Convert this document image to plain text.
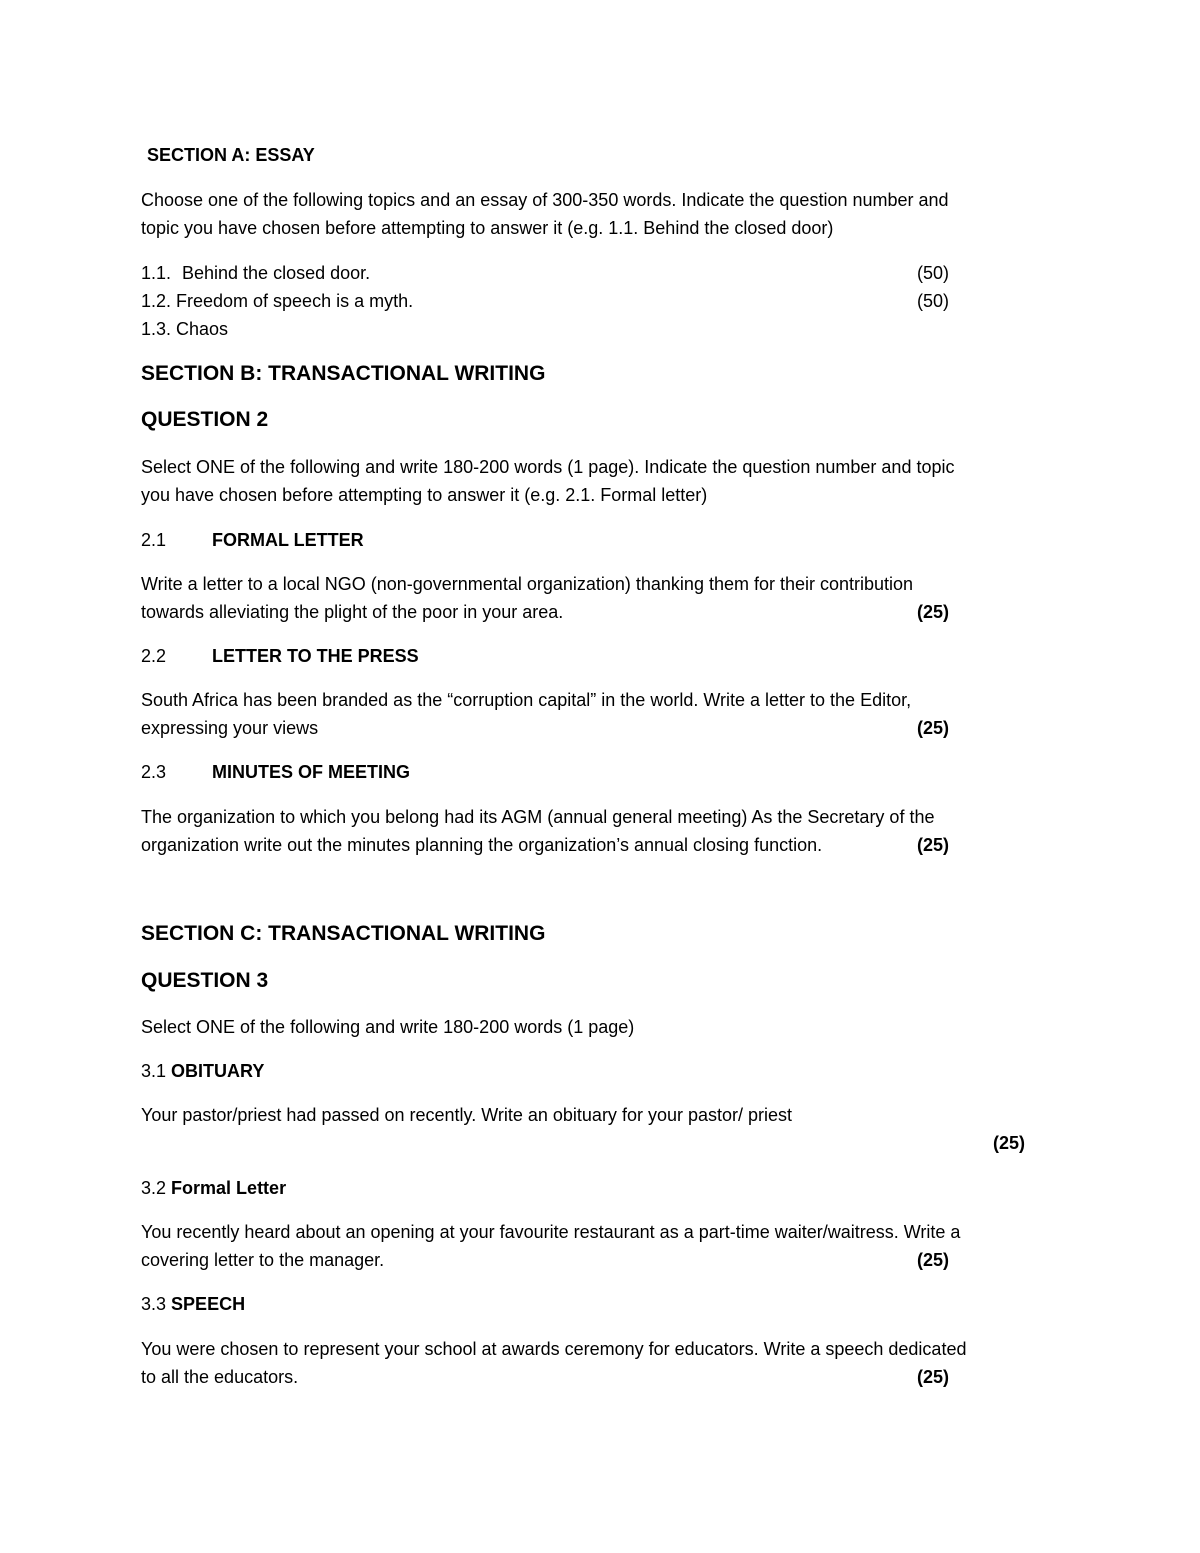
SECTION A: ESSAY
Choose one of the following topics and an essay of 300-350 words. Indicate the question number and
topic you have chosen before attempting to answer it (e.g. 1.1. Behind the closed door)
1.1. Behind the closed door.	(50)
1.2. Freedom of speech is a myth.	(50)
1.3. Chaos
SECTION B: TRANSACTIONAL WRITING
QUESTION 2
Select ONE of the following and write 180-200 words (1 page). Indicate the question number and topic
you have chosen before attempting to answer it (e.g. 2.1. Formal letter)
2.1	FORMAL LETTER
Write a letter to a local NGO (non-governmental organization) thanking them for their contribution
towards alleviating the plight of the poor in your area.	(25)
2.2	LETTER TO THE PRESS
South Africa has been branded as the “corruption capital” in the world. Write a letter to the Editor,
expressing your views	(25)
2.3	MINUTES OF MEETING
The organization to which you belong had its AGM (annual general meeting) As the Secretary of the
organization write out the minutes planning the organization’s annual closing function.	(25)
SECTION C: TRANSACTIONAL WRITING
QUESTION 3
Select ONE of the following and write 180-200 words (1 page)
3.1 OBITUARY
Your pastor/priest had passed on recently. Write an obituary for your pastor/ priest
(25)
3.2 Formal Letter
You recently heard about an opening at your favourite restaurant as a part-time waiter/waitress. Write a
covering letter to the manager.	(25)
3.3 SPEECH
You were chosen to represent your school at awards ceremony for educators. Write a speech dedicated
to all the educators.	(25)
